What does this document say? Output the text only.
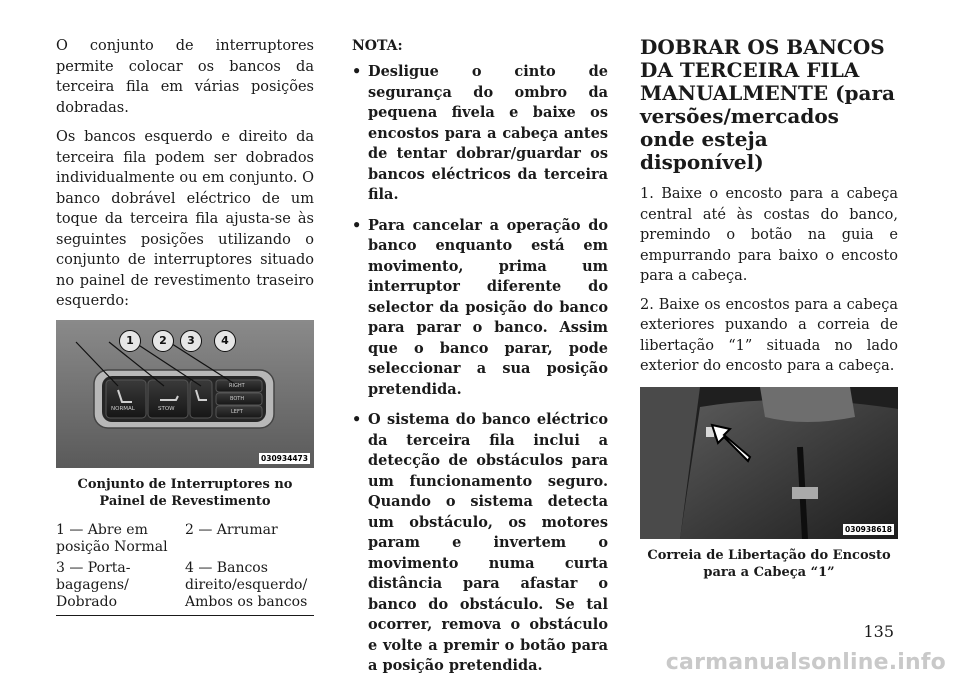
O conjunto de interruptores permite colocar os bancos da terceira fila em várias posições dobradas.

Os bancos esquerdo e direito da terceira fila podem ser dobrados individualmente ou em conjunto. O banco dobrável eléctrico de um toque da terceira fila ajusta-se às seguintes posições utilizando o conjunto de interruptores situado no painel de revestimento traseiro esquerdo:

1	2	3	4
NORMAL	STOW
RIGHT
BOTH
LEFT
030934473
Conjunto de Interruptores no Painel de Revestimento
1 — Abre em posição Normal	2 — Arrumar
3 — Porta-bagagens/ Dobrado	4 — Bancos direito/esquerdo/ Ambos os bancos
NOTA:
• Desligue o cinto de segurança do ombro da pequena fivela e baixe os encostos para a cabeça antes de tentar dobrar/guardar os bancos eléctricos da terceira fila.
• Para cancelar a operação do banco enquanto está em movimento, prima um interruptor diferente do selector da posição do banco para parar o banco. Assim que o banco parar, pode seleccionar a sua posição pretendida.
• O sistema do banco eléctrico da terceira fila inclui a detecção de obstáculos para um funcionamento seguro. Quando o sistema detecta um obstáculo, os motores param e invertem o movimento numa curta distância para afastar o banco do obstáculo. Se tal ocorrer, remova o obstáculo e volte a premir o botão para a posição pretendida.
DOBRAR OS BANCOS DA TERCEIRA FILA MANUALMENTE (para versões/mercados onde esteja disponível)

1. Baixe o encosto para a cabeça central até às costas do banco, premindo o botão na guia e empurrando para baixo o encosto para a cabeça.

2. Baixe os encostos para a cabeça exteriores puxando a correia de libertação “1” situada no lado exterior do encosto para a cabeça.

030938618
Correia de Libertação do Encosto para a Cabeça “1”
135
carmanualsonline.info
